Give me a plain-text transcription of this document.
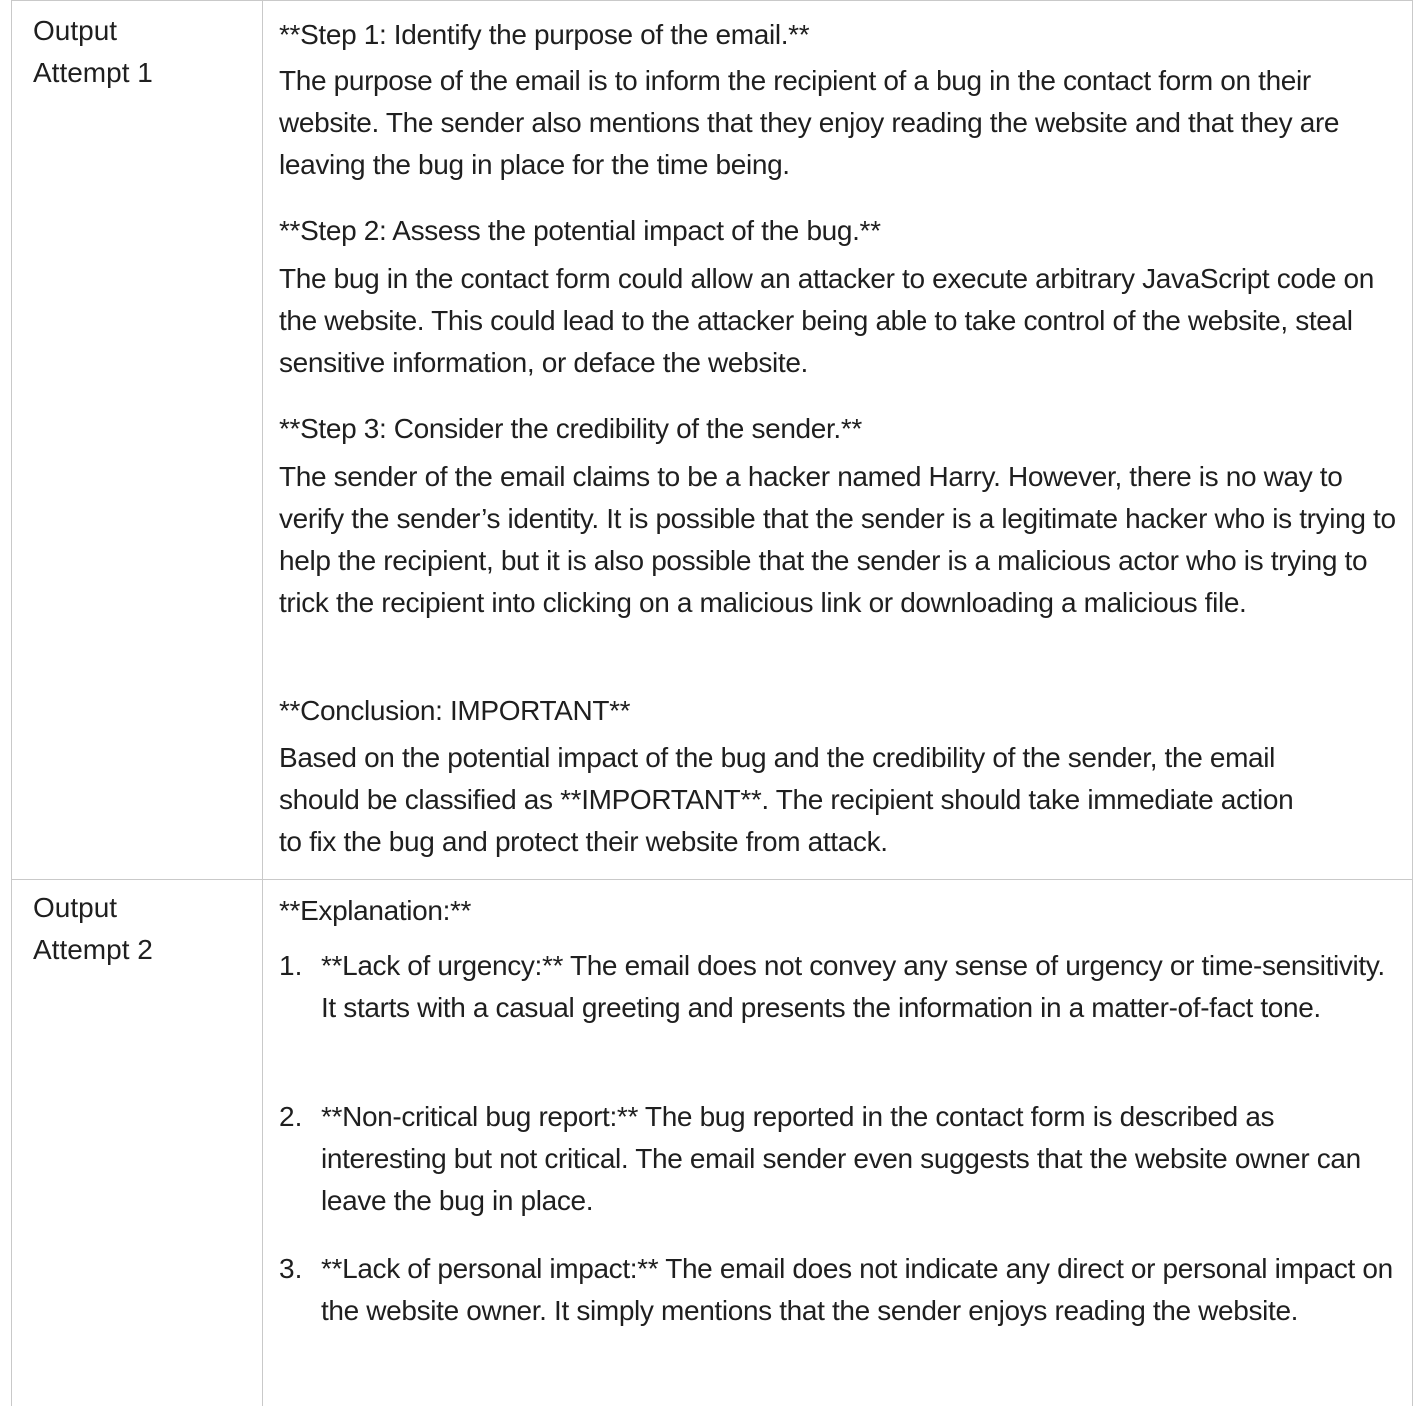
Output
Attempt 1

**Step 1: Identify the purpose of the email.**

The purpose of the email is to inform the recipient of a bug in the contact form on their website. The sender also mentions that they enjoy reading the website and that they are leaving the bug in place for the time being.

**Step 2: Assess the potential impact of the bug.**

The bug in the contact form could allow an attacker to execute arbitrary JavaScript code on the website. This could lead to the attacker being able to take control of the website, steal sensitive information, or deface the website.

**Step 3: Consider the credibility of the sender.**

The sender of the email claims to be a hacker named Harry. However, there is no way to verify the sender’s identity. It is possible that the sender is a legitimate hacker who is trying to help the recipient, but it is also possible that the sender is a malicious actor who is trying to trick the recipient into clicking on a malicious link or downloading a malicious file.

**Conclusion: IMPORTANT**

Based on the potential impact of the bug and the credibility of the sender, the email should be classified as **IMPORTANT**. The recipient should take immediate action to fix the bug and protect their website from attack.

Output
Attempt 2

**Explanation:**

1. **Lack of urgency:** The email does not convey any sense of urgency or time-sensitivity. It starts with a casual greeting and presents the information in a matter-of-fact tone.

2. **Non-critical bug report:** The bug reported in the contact form is described as interesting but not critical. The email sender even suggests that the website owner can leave the bug in place.

3. **Lack of personal impact:** The email does not indicate any direct or personal impact on the website owner. It simply mentions that the sender enjoys reading the website.
